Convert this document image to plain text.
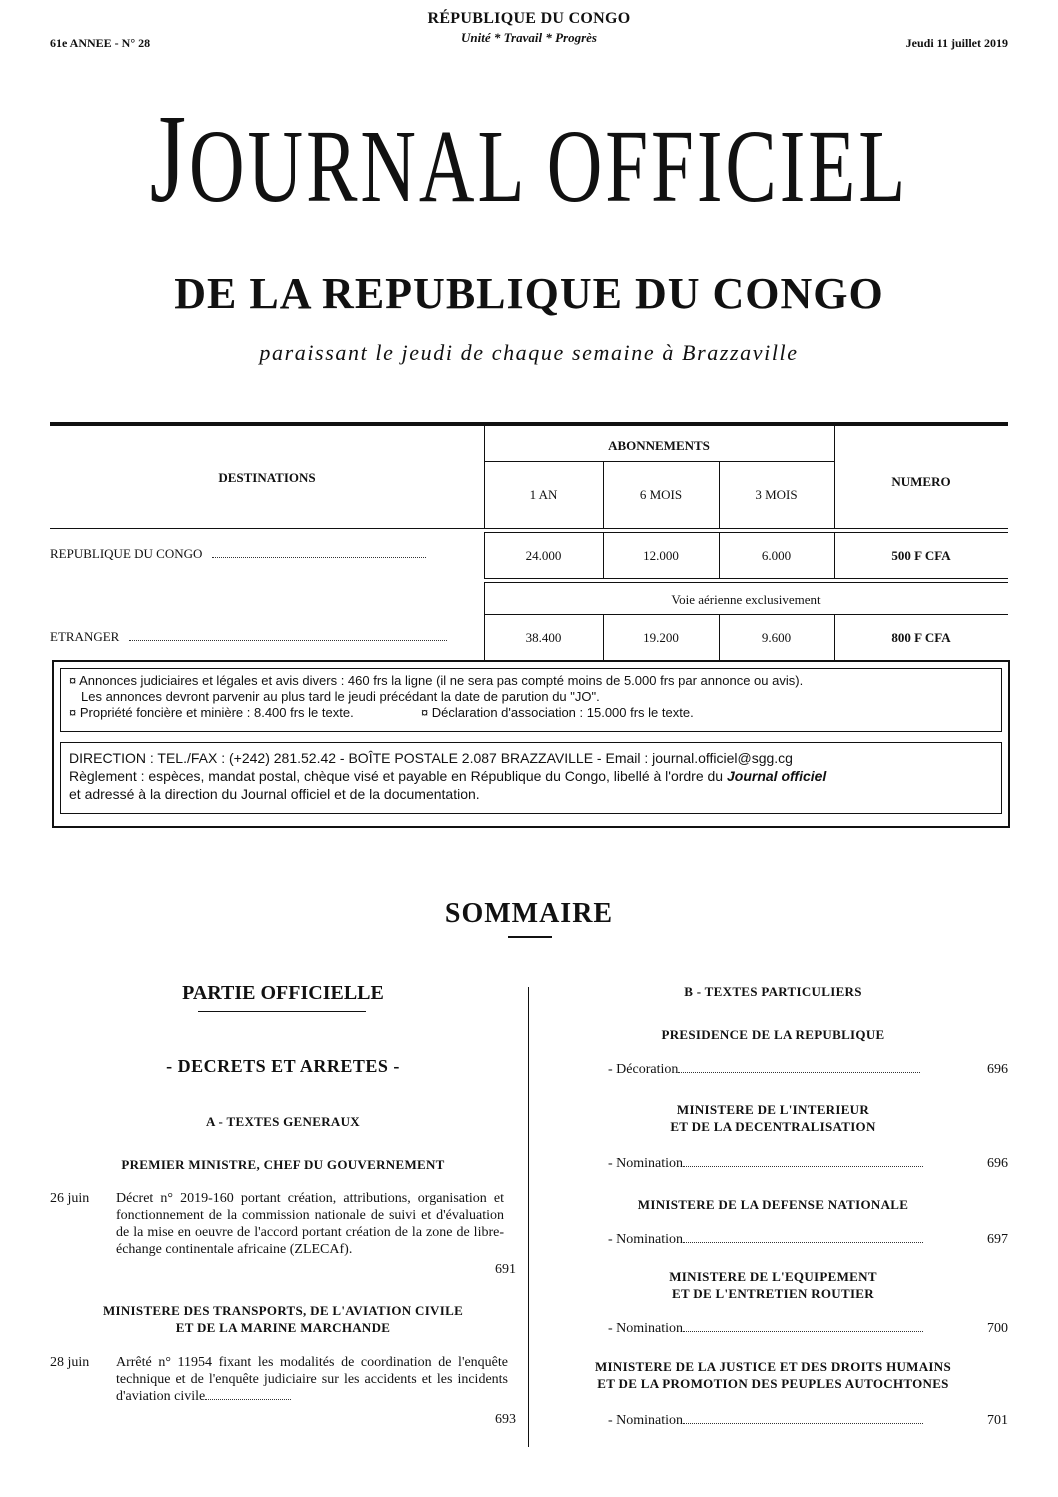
61e ANNEE - N° 28
RÉPUBLIQUE DU CONGO
Unité * Travail * Progrès	Jeudi 11 juillet 2019
JOURNAL OFFICIEL
DE LA REPUBLIQUE DU CONGO
paraissant le jeudi de chaque semaine à Brazzaville
DESTINATIONS
ABONNEMENTS
NUMERO
1 AN	6 MOIS	3 MOIS
REPUBLIQUE DU CONGO	24.000	12.000	6.000	500 F CFA
Voie aérienne exclusivement
ETRANGER	38.400	19.200	9.600	800 F CFA
¤ Annonces judiciaires et légales et avis divers : 460 frs la ligne (il ne sera pas compté moins de 5.000 frs par annonce ou avis).
Les annonces devront parvenir au plus tard le jeudi précédant la date de parution du "JO".
¤ Propriété foncière et minière : 8.400 frs le texte.	¤ Déclaration d'association : 15.000 frs le texte.
DIRECTION : TEL./FAX : (+242) 281.52.42 - BOÎTE POSTALE 2.087 BRAZZAVILLE - Email : journal.officiel@sgg.cg
Règlement : espèces, mandat postal, chèque visé et payable en République du Congo, libellé à l'ordre du Journal officiel
et adressé à la direction du Journal officiel et de la documentation.
SOMMAIRE
PARTIE OFFICIELLE
- DECRETS ET ARRETES -
A - TEXTES GENERAUX
PREMIER MINISTRE, CHEF DU GOUVERNEMENT
26 juin Décret n° 2019-160 portant création, attributions, organisation et fonctionnement de la commission nationale de suivi et d'évaluation de la mise en oeuvre de l'accord portant création de la zone de libre-échange continentale africaine (ZLECAf).
691
MINISTERE DES TRANSPORTS, DE L'AVIATION CIVILE
ET DE LA MARINE MARCHANDE
28 juin Arrêté n° 11954 fixant les modalités de coordination de l'enquête technique et de l'enquête judiciaire sur les accidents et les incidents d'aviation civile
693
B - TEXTES PARTICULIERS
PRESIDENCE DE LA REPUBLIQUE
- Décoration	696
MINISTERE DE L'INTERIEUR
ET DE LA DECENTRALISATION
- Nomination	696
MINISTERE DE LA DEFENSE NATIONALE
- Nomination	697
MINISTERE DE L'EQUIPEMENT
ET DE L'ENTRETIEN ROUTIER
- Nomination	700
MINISTERE DE LA JUSTICE ET DES DROITS HUMAINS
ET DE LA PROMOTION DES PEUPLES AUTOCHTONES
- Nomination	701
